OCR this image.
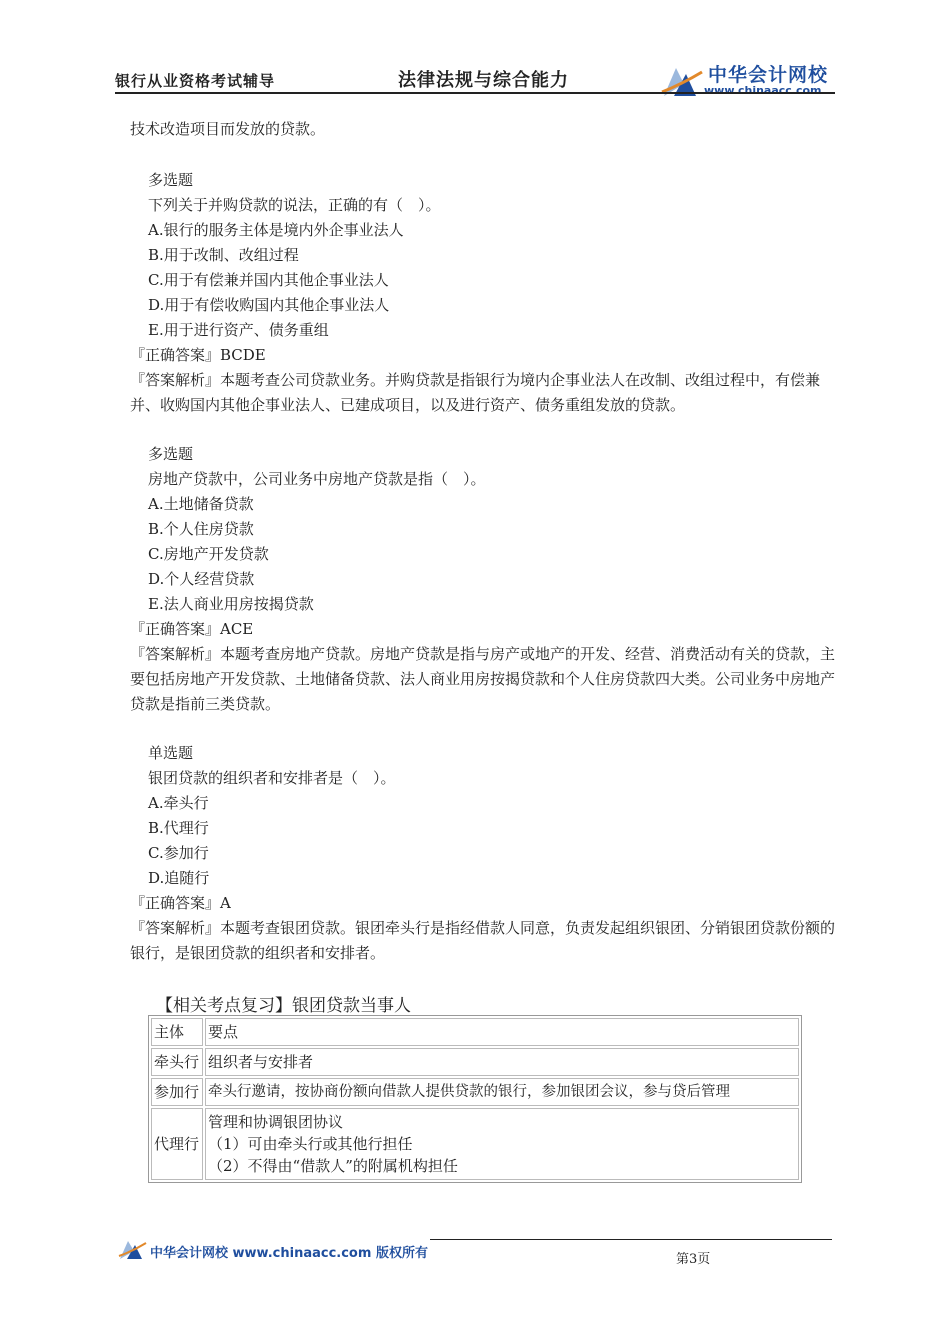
银行从业资格考试辅导	法律法规与综合能力	中华会计网校
www.chinaacc.com
技术改造项目而发放的贷款。
多选题
下列关于并购贷款的说法，正确的有（　）。
A.银行的服务主体是境内外企事业法人
B.用于改制、改组过程
C.用于有偿兼并国内其他企事业法人
D.用于有偿收购国内其他企事业法人
E.用于进行资产、债务重组
『正确答案』BCDE
『答案解析』本题考查公司贷款业务。并购贷款是指银行为境内企事业法人在改制、改组过程中，有偿兼并、收购国内其他企事业法人、已建成项目，以及进行资产、债务重组发放的贷款。
多选题
房地产贷款中，公司业务中房地产贷款是指（　）。
A.土地储备贷款
B.个人住房贷款
C.房地产开发贷款
D.个人经营贷款
E.法人商业用房按揭贷款
『正确答案』ACE
『答案解析』本题考查房地产贷款。房地产贷款是指与房产或地产的开发、经营、消费活动有关的贷款，主要包括房地产开发贷款、土地储备贷款、法人商业用房按揭贷款和个人住房贷款四大类。公司业务中房地产贷款是指前三类贷款。
单选题
银团贷款的组织者和安排者是（　）。
A.牵头行
B.代理行
C.参加行
D.追随行
『正确答案』A
『答案解析』本题考查银团贷款。银团牵头行是指经借款人同意，负责发起组织银团、分销银团贷款份额的银行，是银团贷款的组织者和安排者。
【相关考点复习】银团贷款当事人
主体	要点
牵头行	组织者与安排者
参加行	牵头行邀请，按协商份额向借款人提供贷款的银行，参加银团会议，参与贷后管理
代理行	管理和协调银团协议
（1）可由牵头行或其他行担任
（2）不得由“借款人”的附属机构担任
中华会计网校 www.chinaacc.com 版权所有	第3页
